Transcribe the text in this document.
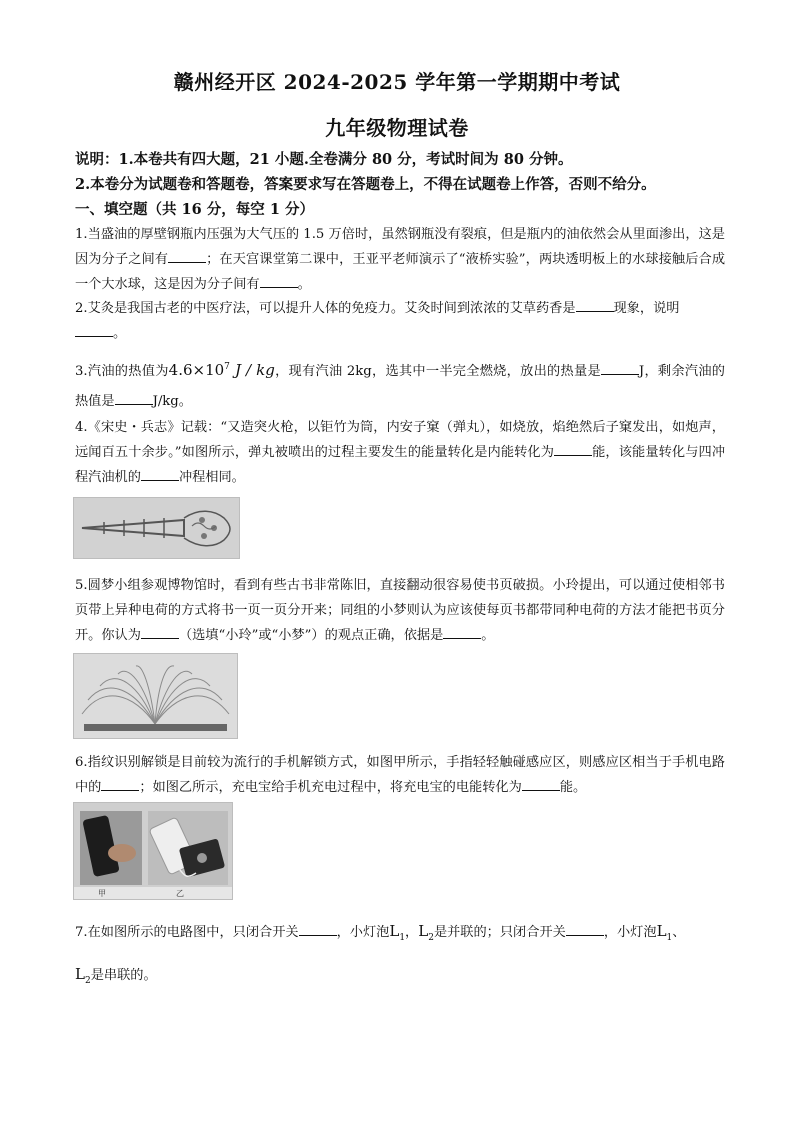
赣州经开区 2024-2025 学年第一学期期中考试
九年级物理试卷
说明：1.本卷共有四大题，21 小题.全卷满分 80 分，考试时间为 80 分钟。
2.本卷分为试题卷和答题卷，答案要求写在答题卷上，不得在试题卷上作答，否则不给分。
一、填空题（共 16 分，每空 1 分）
1.当盛油的厚壁钢瓶内压强为大气压的 1.5 万倍时，虽然钢瓶没有裂痕，但是瓶内的油依然会从里面渗出，这是因为分子之间有	；在天宫课堂第二课中，王亚平老师演示了“液桥实验”，两块透明板上的水球接触后合成一个大水球，这是因为分子间有	。
2.艾灸是我国古老的中医疗法，可以提升人体的免疫力。艾灸时间到浓浓的艾草药香是	现象，说明
。
3.汽油的热值为$4.6\times 10^7$ J / kg，现有汽油 2kg，选其中一半完全燃烧，放出的热量是	J，剩余汽油的热值是	J/kg。
4.《宋史・兵志》记载：“又造突火枪，以钜竹为筒，内安子窠（弹丸），如烧放，焰绝然后子窠发出，如炮声，远闻百五十余步。”如图所示，弹丸被喷出的过程主要发生的能量转化是内能转化为	能，该能量转化与四冲程汽油机的	冲程相同。
5.圆梦小组参观博物馆时，看到有些古书非常陈旧，直接翻动很容易使书页破损。小玲提出，可以通过使相邻书页带上异种电荷的方式将书一页一页分开来；同组的小梦则认为应该使每页书都带同种电荷的方法才能把书页分开。你认为	（选填“小玲”或“小梦”）的观点正确，依据是	。
6.指纹识别解锁是目前较为流行的手机解锁方式，如图甲所示，手指轻轻触碰感应区，则感应区相当于手机电路中的	；如图乙所示，充电宝给手机充电过程中，将充电宝的电能转化为	能。
甲	乙
7.在如图所示的电路图中，只闭合开关	，小灯泡$L_1$，$L_2$是并联的；只闭合开关	，小灯泡$L_1$、
$L_2$是串联的。
